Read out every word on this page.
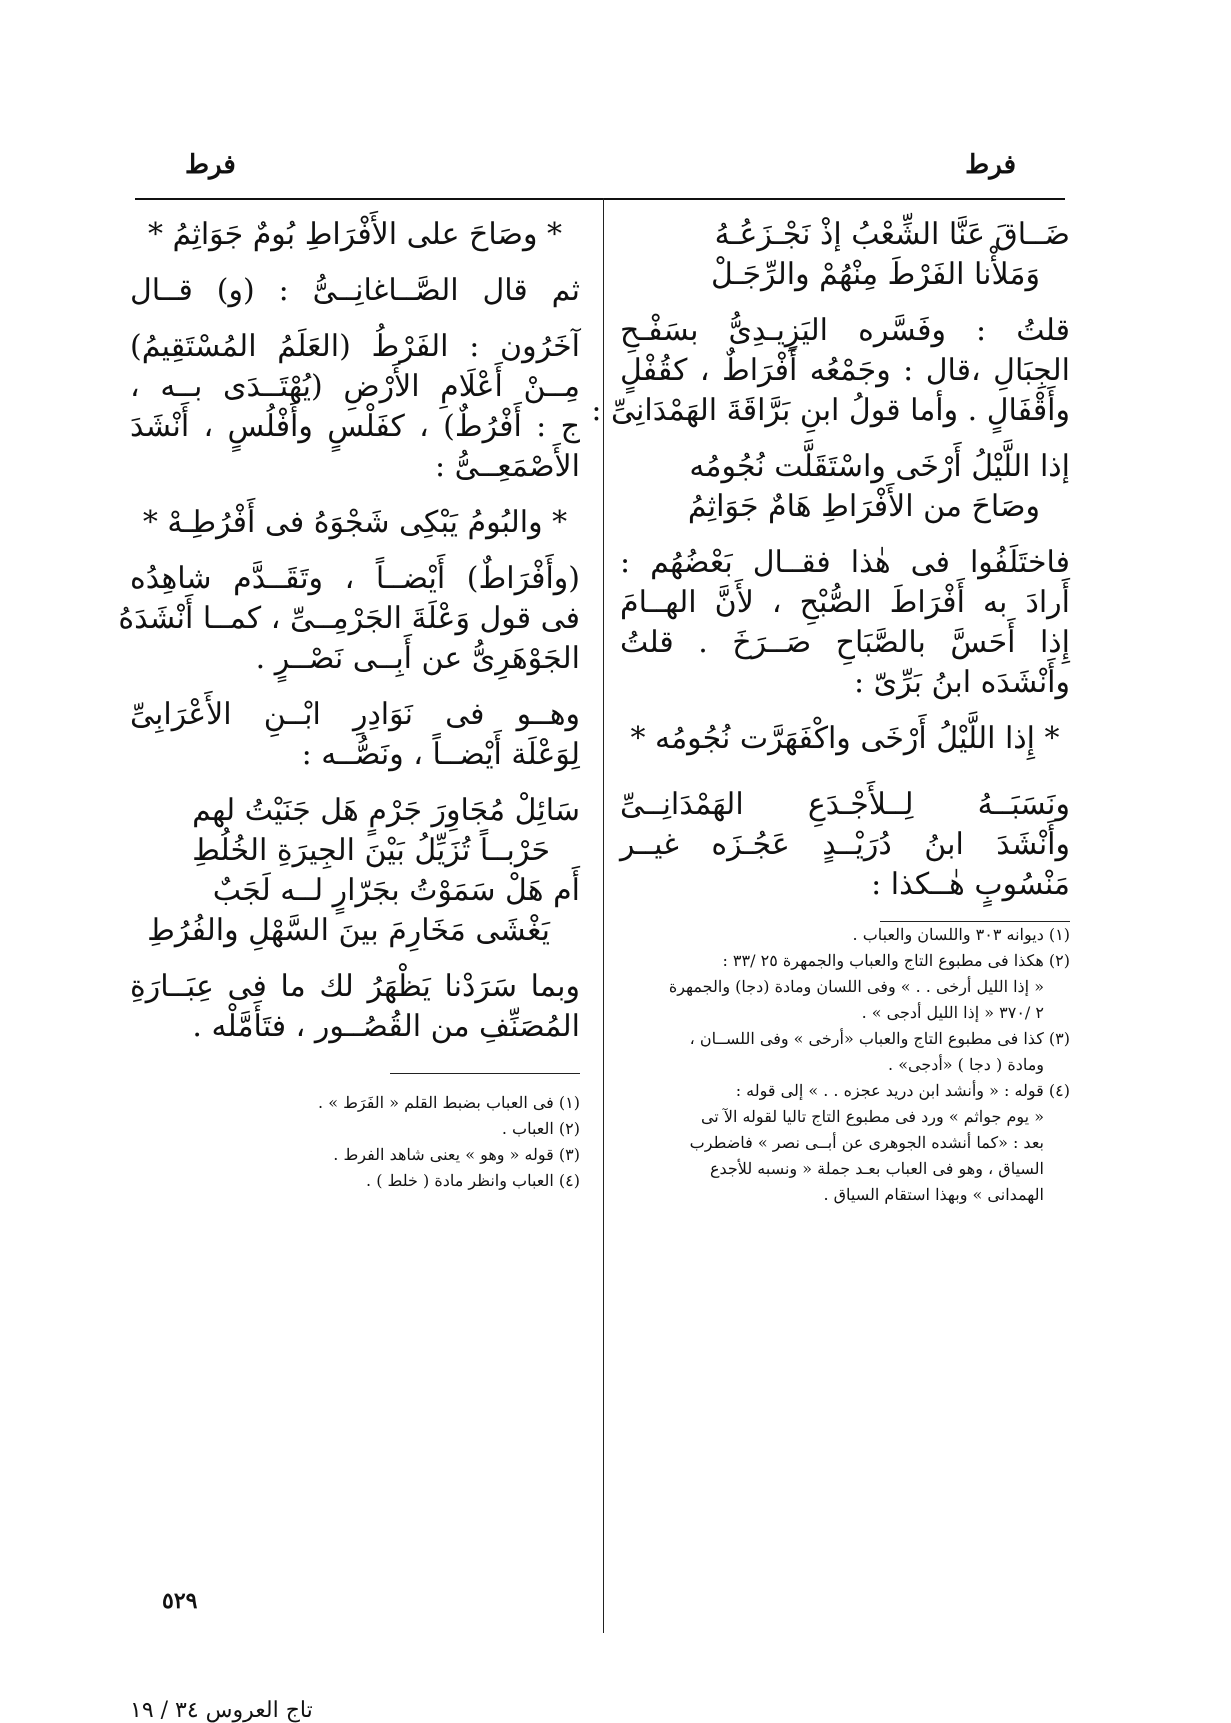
فرط	فرط
ضَــاقَ عَنَّا الشِّعْبُ إذْ نَجْـزَعُـهُ
وَمَلأْنا الفَرْطَ مِنْهُمْ والرِّجَـلْ

قلتُ : وفَسَّره اليَزِيـدِىُّ بسَفْـحِ

الجِبَالِ ،قال : وجَمْعُه أَفْرَاطٌ ، كقُفْلٍ

وأَقْفَالٍ . وأما قولُ ابنِ بَرَّاقَةَ الهَمْدَانِىِّ :

إذا اللَّيْلُ أَرْخَى واسْتَقَلَّت نُجُومُه
وصَاحَ من الأَفْرَاطِ هَامٌ جَوَاثِمُ

فاختَلَفُوا فى هٰذا فقــال بَعْضُهُم :

أَرادَ به أَفْرَاطَ الصُّبْحِ ، لأَنَّ الهــامَ

إِذا أَحَسَّ بالصَّبَاحِ صَــرَخَ . قلتُ

وأَنْشَدَه ابنُ بَرِّىّ :

* إِذا اللَّيْلُ أَرْخَى واكْفَهَرَّت نُجُومُه *

ونَسَبَــهُ لِــلأَجْـدَعِ الهَمْدَانِــىِّ

وأَنْشَدَ ابنُ دُرَيْــدٍ عَجُـزَه غيــر

مَنْسُوبٍ هٰــكذا :

(١) ديوانه ٣٠٣ واللسان والعباب .

(٢) هكذا فى مطبوع التاج والعباب والجمهرة ٢٥ /٣٣ :

« إذا الليل أرخى . . » وفى اللسان ومادة (دجا) والجمهرة

٢ /٣٧٠ « إذا الليل أدجى » .

(٣) كذا فى مطبوع التاج والعباب «أرخى » وفى اللســان ،

ومادة ( دجا ) «أدجى» .

(٤) قوله : « وأنشد ابن دريد عجزه . . » إلى قوله :

« يوم جواثم » ورد فى مطبوع التاج تاليا لقوله الآ تى

بعد : «كما أنشده الجوهرى عن أبــى نصر » فاضطرب

السياق ، وهو فى العباب بعـد جملة « ونسبه للأجدع

الهمدانى » وبهذا استقام السياق .

* وصَاحَ على الأَفْرَاطِ بُومٌ جَوَاثِمُ *

ثم قال الصَّــاغانِــىُّ : (و) قــال

آخَرُون : الفَرْطُ (العَلَمُ المُسْتَقِيمُ)

مِــنْ أَعْلَامِ الأَرْضِ (يُهْتَــدَى بــه ،

ج : أَفْرُطٌ) ، كفَلْسٍ وأَفْلُسٍ ، أَنْشَدَ

الأَصْمَعِــىُّ :

* والبُومُ يَبْكِى شَجْوَهُ فى أَفْرُطِـهْ *

(وأَفْرَاطٌ) أَيْضــاً ، وتَقَــدَّم شاهِدُه

فى قول وَعْلَةَ الجَرْمِــىِّ ، كمــا أَنْشَدَهُ

الجَوْهَرِىُّ عن أَبِــى نَصْــرٍ .

وهــو فى نَوَادِرِ ابْــنِ الأَعْرَابِىِّ

لِوَعْلَة أَيْضــاً ، ونَصُّــه :

سَائِلْ مُجَاوِرَ جَرْمٍ هَل جَنَيْتُ لهم
حَرْبــاً تُزَيِّلُ بَيْنَ الجِيرَةِ الخُلُطِ
أَم هَلْ سَمَوْتُ بجَرّارٍ لــه لَجَبٌ
يَغْشَى مَخَارِمَ بينَ السَّهْلِ والفُرُطِ

وبما سَرَدْنا يَظْهَرُ لك ما فى عِبَــارَةِ

المُصَنِّفِ من القُصُــور ، فتَأَمَّلْه .

(١) فى العباب بضبط القلم « الفَرَط » .

(٢) العباب .

(٣) قوله « وهو » يعنى شاهد الفرط .

(٤) العباب وانظر مادة ( خلط ) .

٥٢٩
تاج العروس ٣٤ / ١٩
